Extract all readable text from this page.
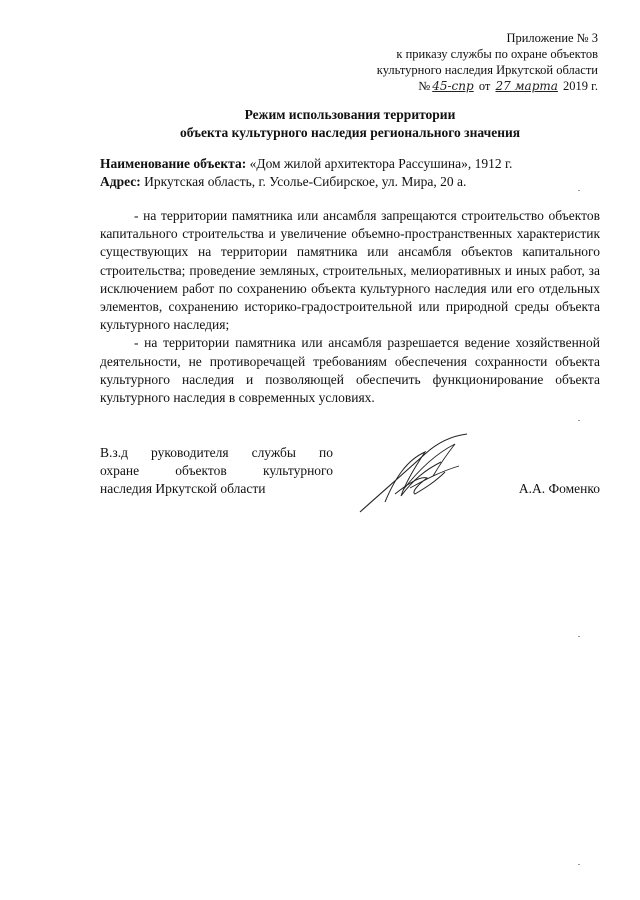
Приложение № 3
к приказу службы по охране объектов
культурного наследия Иркутской области
№ 45-спр от 27 марта 2019 г.
Режим использования территории
объекта культурного наследия регионального значения
Наименование объекта: «Дом жилой архитектора Рассушина», 1912 г.
Адрес: Иркутская область, г. Усолье-Сибирское, ул. Мира, 20 а.

- на территории памятника или ансамбля запрещаются строительство объектов капитального строительства и увеличение объемно-пространственных характеристик существующих на территории памятника или ансамбля объектов капитального строительства; проведение земляных, строительных, мелиоративных и иных работ, за исключением работ по сохранению объекта культурного наследия или его отдельных элементов, сохранению историко-градостроительной или природной среды объекта культурного наследия;

- на территории памятника или ансамбля разрешается ведение хозяйственной деятельности, не противоречащей требованиям обеспечения сохранности объекта культурного наследия и позволяющей обеспечить функционирование объекта культурного наследия в современных условиях.

В.з.д руководителя службы по
охране объектов культурного
наследия Иркутской области	А.А. Фоменко
